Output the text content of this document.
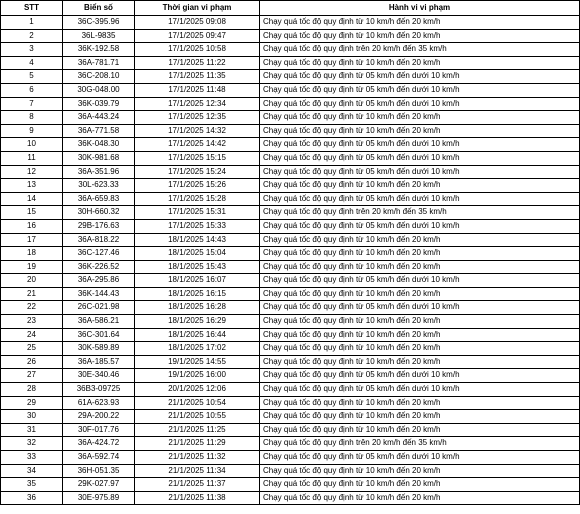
STT	Biển số	Thời gian vi phạm	Hành vi vi phạm
1	36C-395.96	17/1/2025 09:08	Chạy quá tốc độ quy định từ 10 km/h đến 20 km/h
2	36L-9835	17/1/2025 09:47	Chạy quá tốc độ quy định từ 10 km/h đến 20 km/h
3	36K-192.58	17/1/2025 10:58	Chạy quá tốc độ quy định trên 20 km/h đến 35 km/h
4	36A-781.71	17/1/2025 11:22	Chạy quá tốc độ quy định từ 10 km/h đến 20 km/h
5	36C-208.10	17/1/2025 11:35	Chạy quá tốc độ quy định từ 05 km/h đến dưới 10 km/h
6	30G-048.00	17/1/2025 11:48	Chạy quá tốc độ quy định từ 05 km/h đến dưới 10 km/h
7	36K-039.79	17/1/2025 12:34	Chạy quá tốc độ quy định từ 05 km/h đến dưới 10 km/h
8	36A-443.24	17/1/2025 12:35	Chạy quá tốc độ quy định từ 10 km/h đến 20 km/h
9	36A-771.58	17/1/2025 14:32	Chạy quá tốc độ quy định từ 10 km/h đến 20 km/h
10	36K-048.30	17/1/2025 14:42	Chạy quá tốc độ quy định từ 05 km/h đến dưới 10 km/h
11	30K-981.68	17/1/2025 15:15	Chạy quá tốc độ quy định từ 05 km/h đến dưới 10 km/h
12	36A-351.96	17/1/2025 15:24	Chạy quá tốc độ quy định từ 05 km/h đến dưới 10 km/h
13	30L-623.33	17/1/2025 15:26	Chạy quá tốc độ quy định từ 10 km/h đến 20 km/h
14	36A-659.83	17/1/2025 15:28	Chạy quá tốc độ quy định từ 05 km/h đến dưới 10 km/h
15	30H-660.32	17/1/2025 15:31	Chạy quá tốc độ quy định trên 20 km/h đến 35 km/h
16	29B-176.63	17/1/2025 15:33	Chạy quá tốc độ quy định từ 05 km/h đến dưới 10 km/h
17	36A-818.22	18/1/2025 14:43	Chạy quá tốc độ quy định từ 10 km/h đến 20 km/h
18	36C-127.46	18/1/2025 15:04	Chạy quá tốc độ quy định từ 10 km/h đến 20 km/h
19	36K-226.52	18/1/2025 15:43	Chạy quá tốc độ quy định từ 10 km/h đến 20 km/h
20	36A-295.86	18/1/2025 16:07	Chạy quá tốc độ quy định từ 05 km/h đến dưới 10 km/h
21	36K-144.43	18/1/2025 16:15	Chạy quá tốc độ quy định từ 10 km/h đến 20 km/h
22	26C-021.98	18/1/2025 16:28	Chạy quá tốc độ quy định từ 05 km/h đến dưới 10 km/h
23	36A-586.21	18/1/2025 16:29	Chạy quá tốc độ quy định từ 10 km/h đến 20 km/h
24	36C-301.64	18/1/2025 16:44	Chạy quá tốc độ quy định từ 10 km/h đến 20 km/h
25	30K-589.89	18/1/2025 17:02	Chạy quá tốc độ quy định từ 10 km/h đến 20 km/h
26	36A-185.57	19/1/2025 14:55	Chạy quá tốc độ quy định từ 10 km/h đến 20 km/h
27	30E-340.46	19/1/2025 16:00	Chạy quá tốc độ quy định từ 05 km/h đến dưới 10 km/h
28	36B3-09725	20/1/2025 12:06	Chạy quá tốc độ quy định từ 05 km/h đến dưới 10 km/h
29	61A-623.93	21/1/2025 10:54	Chạy quá tốc độ quy định từ 10 km/h đến 20 km/h
30	29A-200.22	21/1/2025 10:55	Chạy quá tốc độ quy định từ 10 km/h đến 20 km/h
31	30F-017.76	21/1/2025 11:25	Chạy quá tốc độ quy định từ 10 km/h đến 20 km/h
32	36A-424.72	21/1/2025 11:29	Chạy quá tốc độ quy định trên 20 km/h đến 35 km/h
33	36A-592.74	21/1/2025 11:32	Chạy quá tốc độ quy định từ 05 km/h đến dưới 10 km/h
34	36H-051.35	21/1/2025 11:34	Chạy quá tốc độ quy định từ 10 km/h đến 20 km/h
35	29K-027.97	21/1/2025 11:37	Chạy quá tốc độ quy định từ 10 km/h đến 20 km/h
36	30E-975.89	21/1/2025 11:38	Chạy quá tốc độ quy định từ 10 km/h đến 20 km/h
